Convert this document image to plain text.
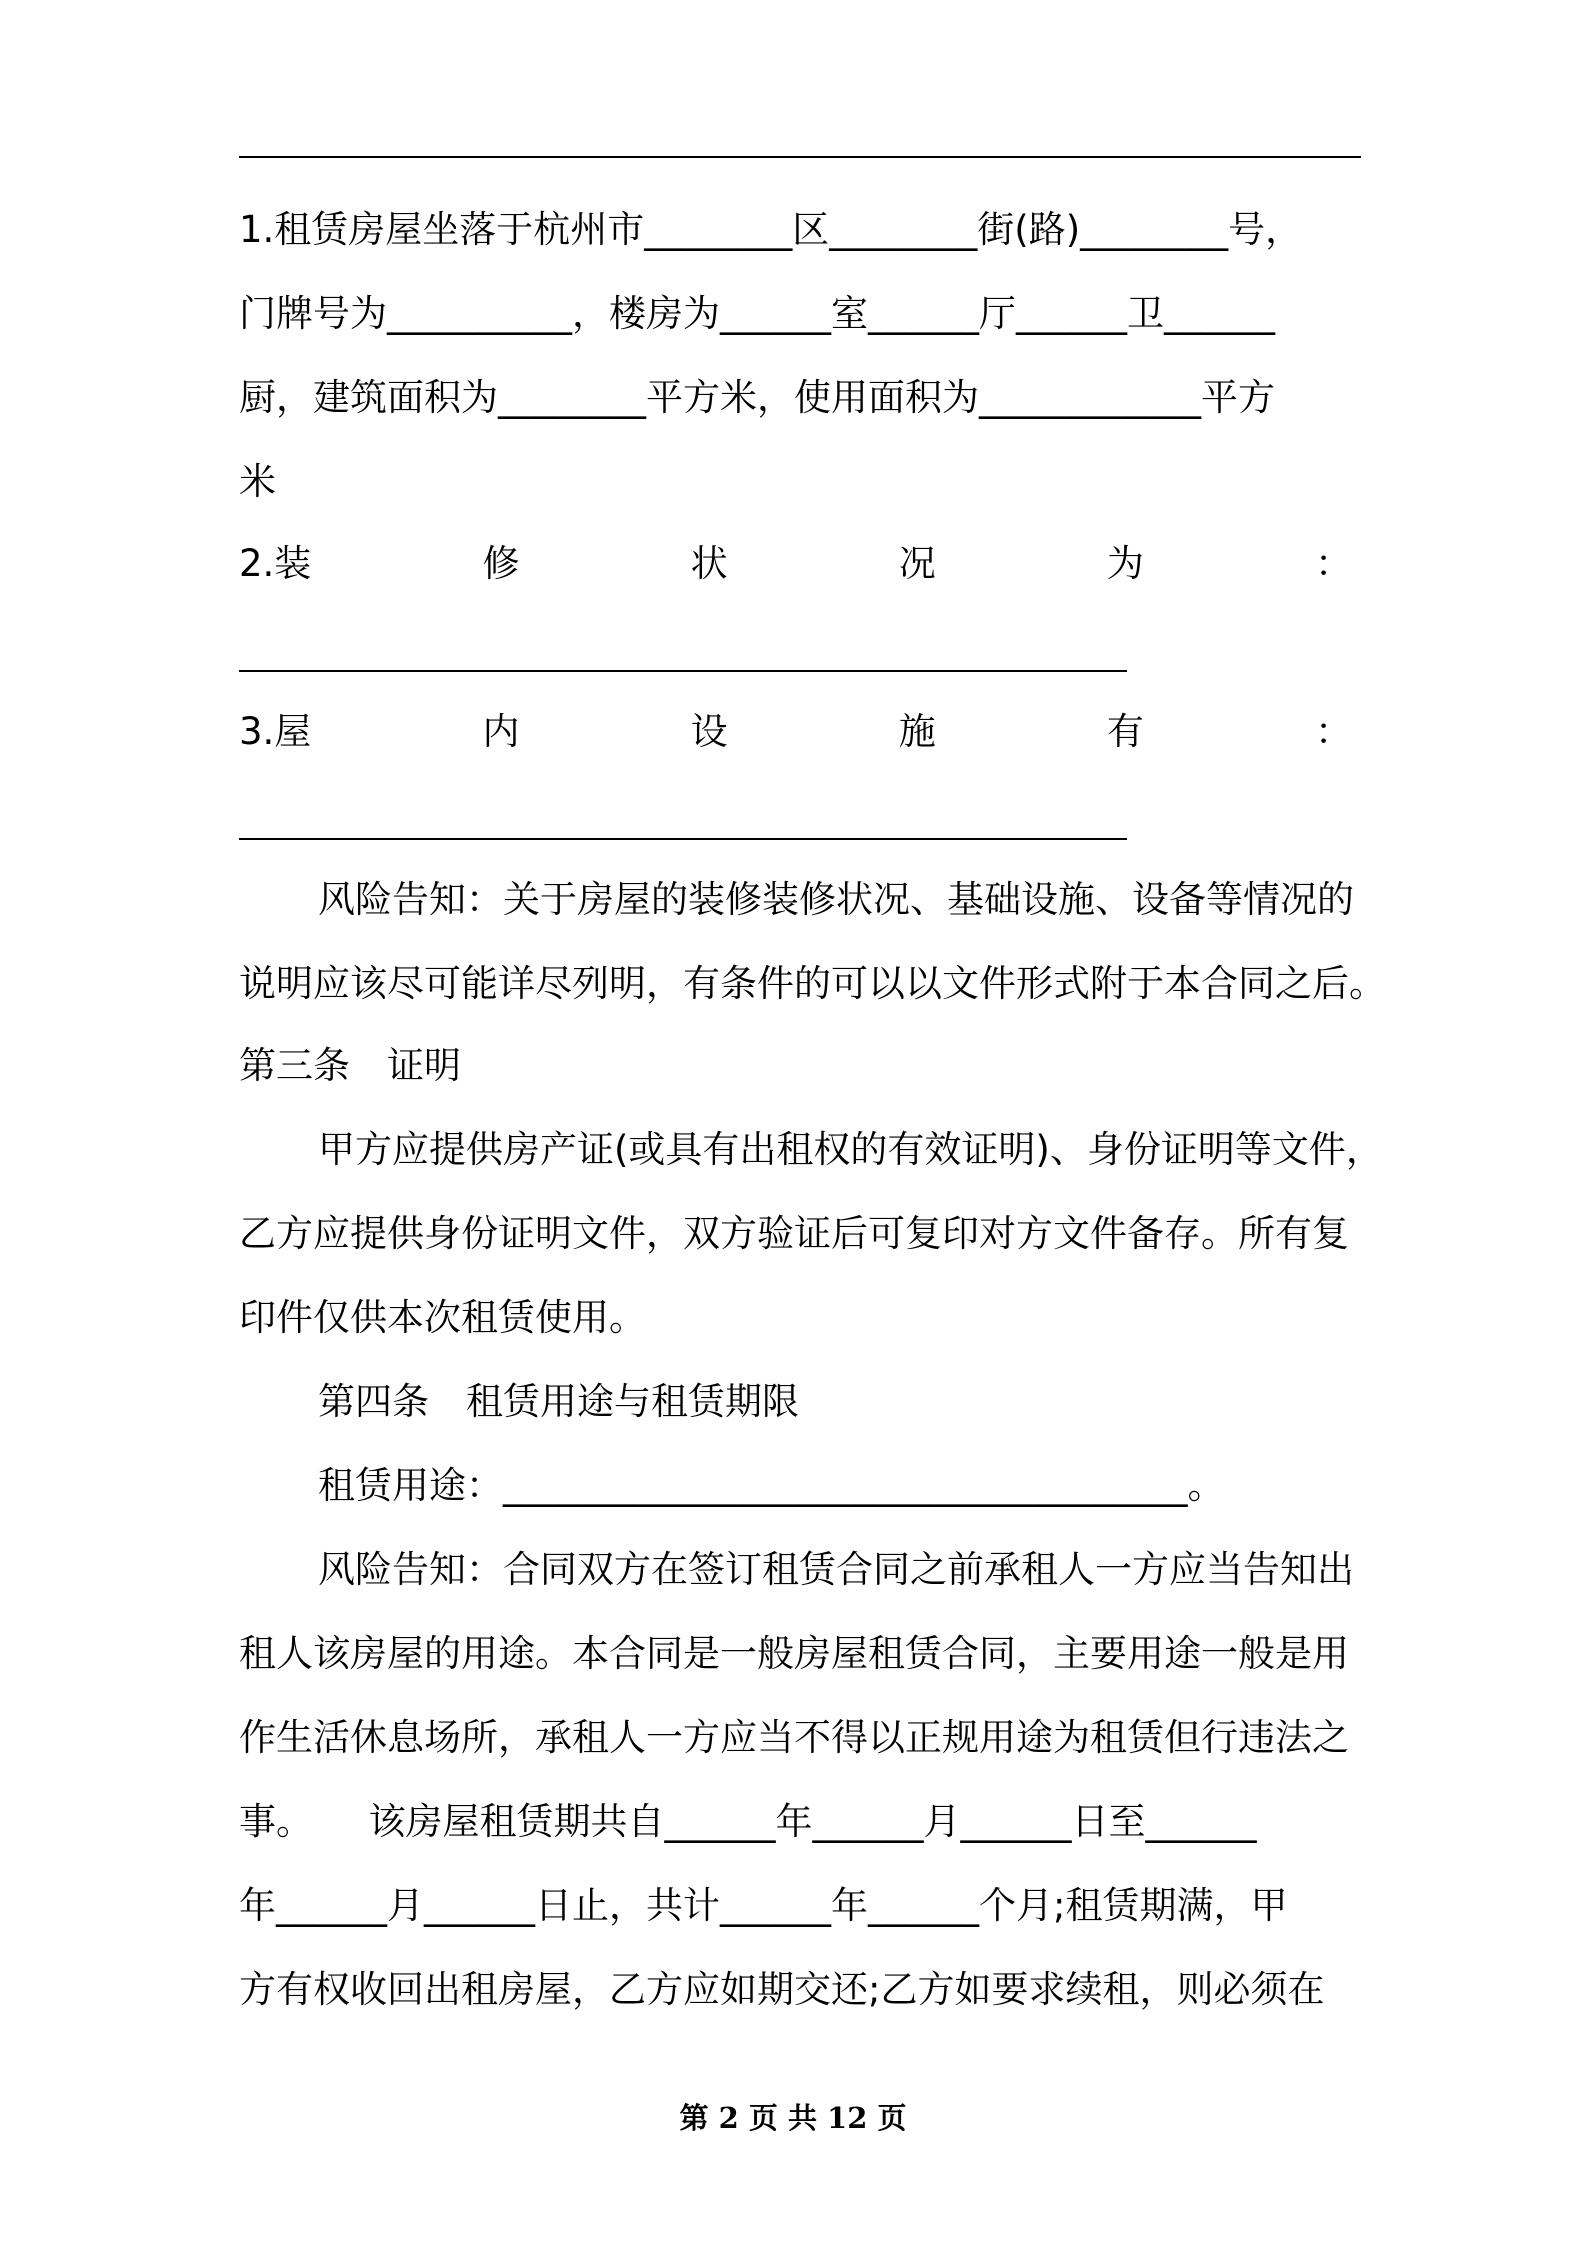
1.租赁房屋坐落于杭州市________区________街(路)________号，
门牌号为__________，楼房为______室______厅______卫______
厨，建筑面积为________平方米，使用面积为____________平方
米
2.装	修	状	况	为	：
3.屋	内	设	施	有	：
风险告知：关于房屋的装修装修状况、基础设施、设备等情况的
说明应该尽可能详尽列明，有条件的可以以文件形式附于本合同之后。
第三条　证明
甲方应提供房产证(或具有出租权的有效证明)、身份证明等文件，
乙方应提供身份证明文件，双方验证后可复印对方文件备存。所有复
印件仅供本次租赁使用。
第四条　租赁用途与租赁期限
租赁用途：_____________________________________。
风险告知：合同双方在签订租赁合同之前承租人一方应当告知出
租人该房屋的用途。本合同是一般房屋租赁合同，主要用途一般是用
作生活休息场所，承租人一方应当不得以正规用途为租赁但行违法之
事。　　该房屋租赁期共自______年______月______日至______
年______月______日止，共计______年______个月;租赁期满，甲
方有权收回出租房屋，乙方应如期交还;乙方如要求续租，则必须在
第 2 页 共 12 页
